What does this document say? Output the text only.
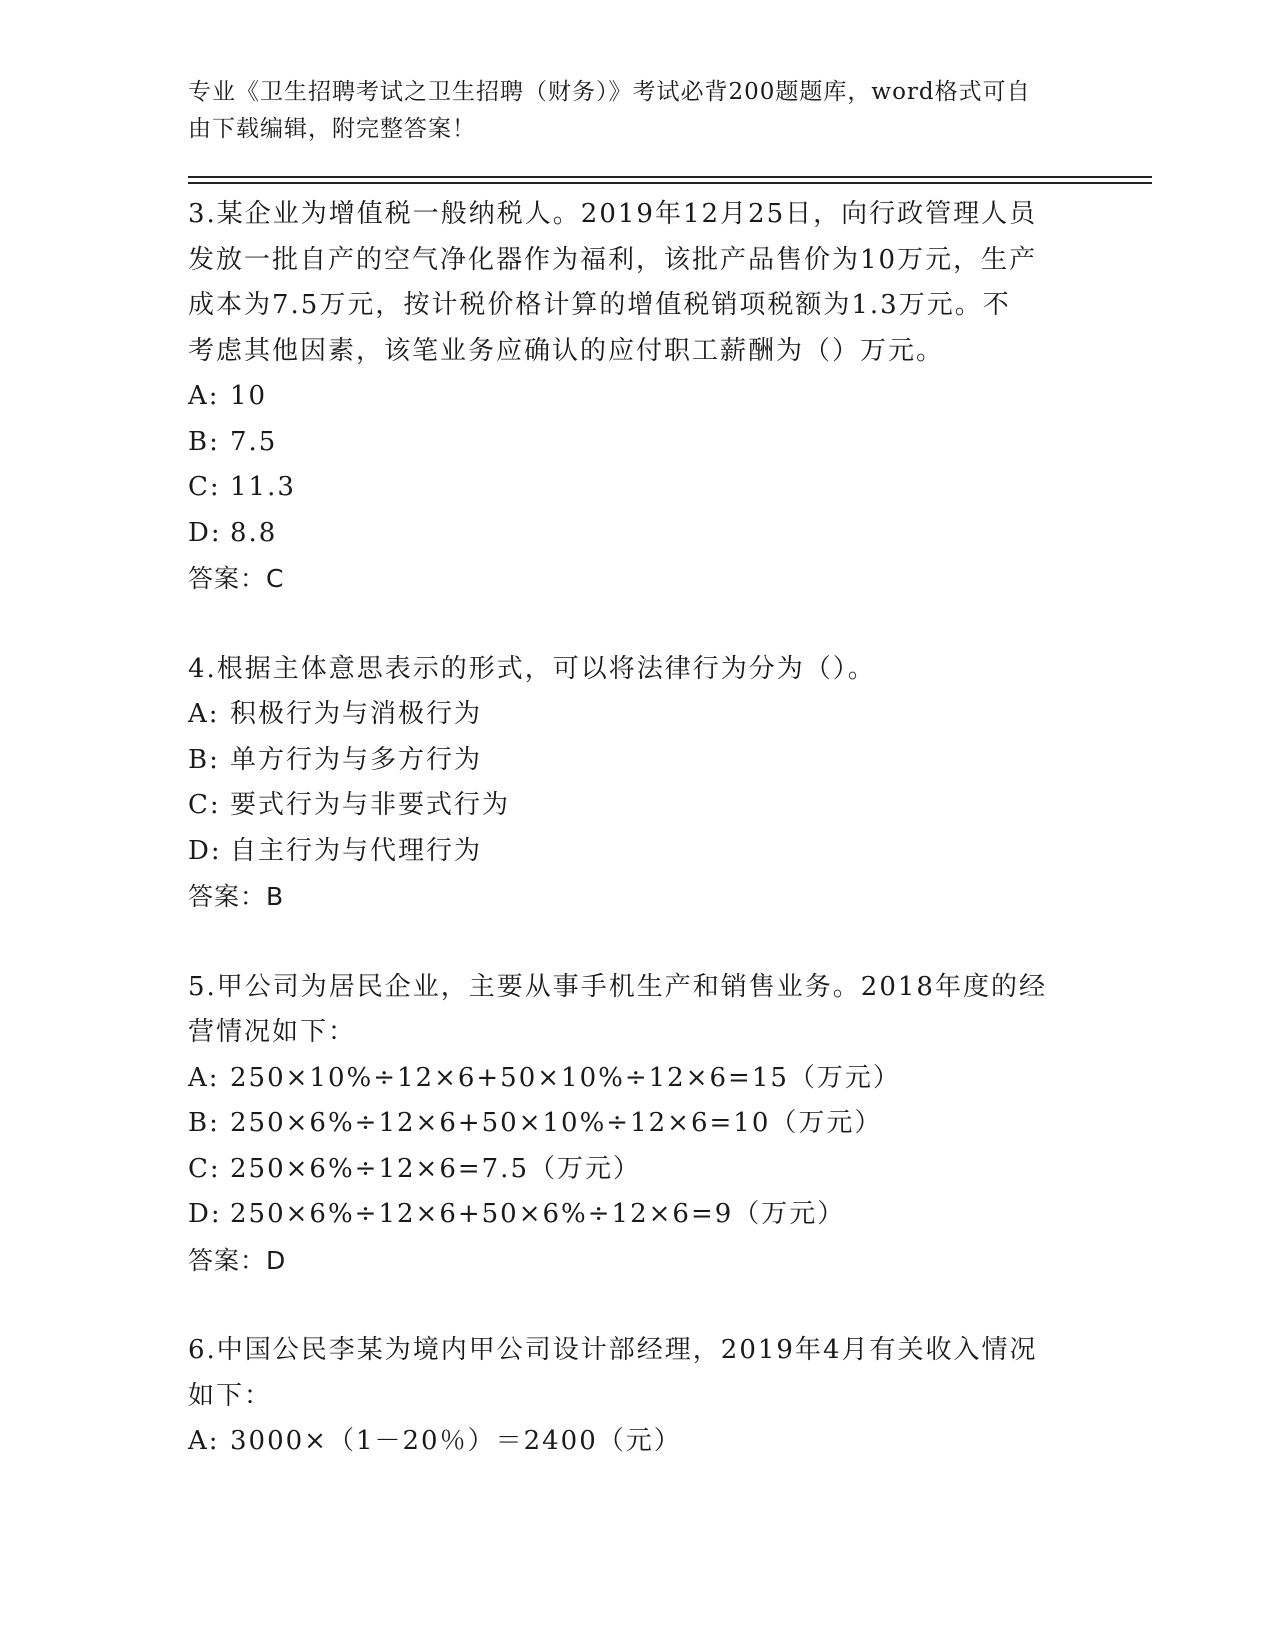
专业《卫生招聘考试之卫生招聘（财务）》考试必背200题题库，word格式可自
由下载编辑，附完整答案！

3.某企业为增值税一般纳税人。2019年12月25日，向行政管理人员

发放一批自产的空气净化器作为福利，该批产品售价为10万元，生产

成本为7.5万元，按计税价格计算的增值税销项税额为1.3万元。不

考虑其他因素，该笔业务应确认的应付职工薪酬为（）万元。

A: 10

B: 7.5

C: 11.3

D: 8.8

答案：C

4.根据主体意思表示的形式，可以将法律行为分为（）。

A: 积极行为与消极行为

B: 单方行为与多方行为

C: 要式行为与非要式行为

D: 自主行为与代理行为

答案：B

5.甲公司为居民企业，主要从事手机生产和销售业务。2018年度的经

营情况如下：

A: 250×10%÷12×6+50×10%÷12×6=15（万元）

B: 250×6%÷12×6+50×10%÷12×6=10（万元）

C: 250×6%÷12×6=7.5（万元）

D: 250×6%÷12×6+50×6%÷12×6=9（万元）

答案：D

6.中国公民李某为境内甲公司设计部经理，2019年4月有关收入情况

如下：

A: 3000×（1－20％）＝2400（元）
